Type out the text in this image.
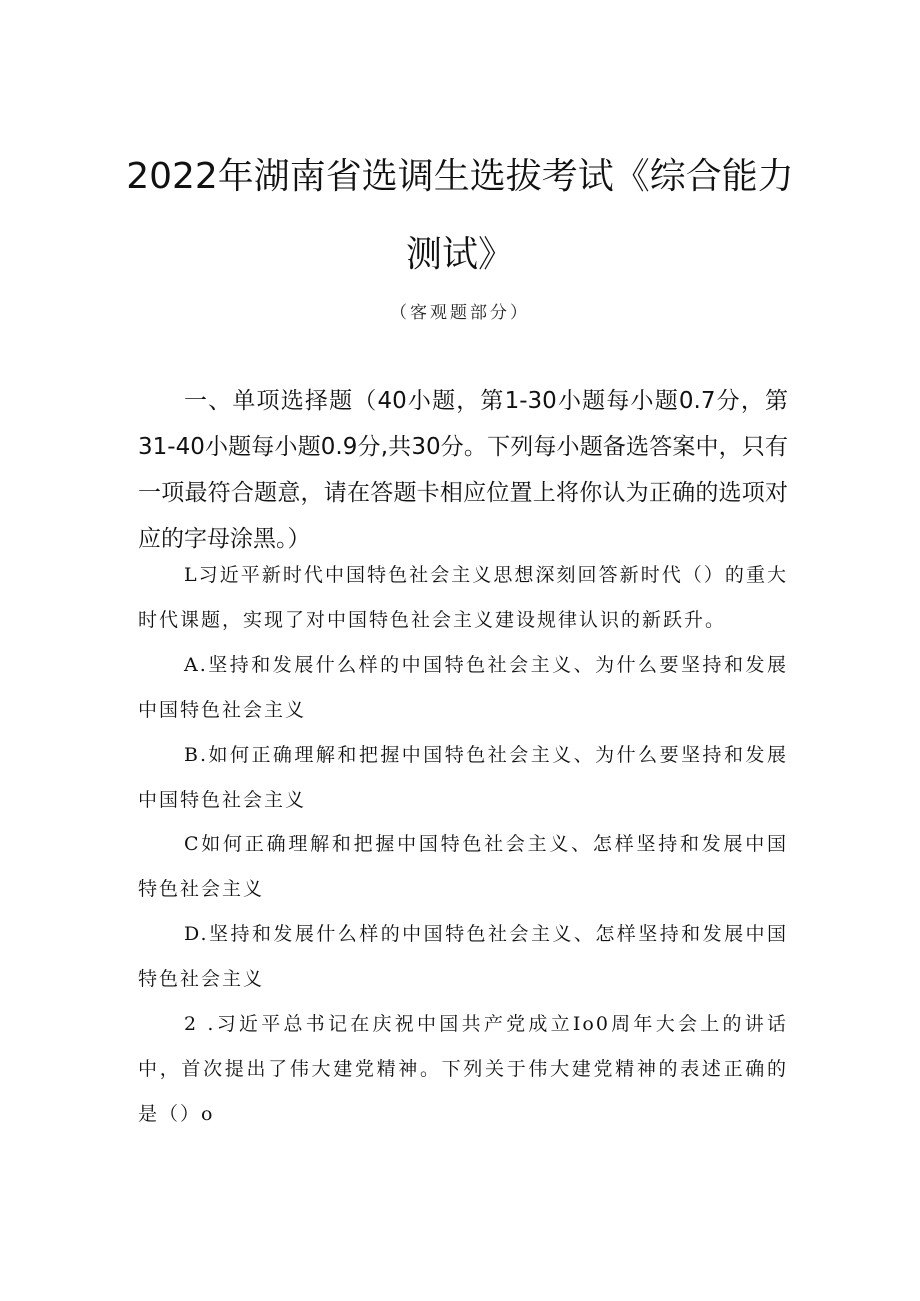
2022年湖南省选调生选拔考试《综合能力
测试》
（客观题部分）
一、单项选择题（40小题，第1-30小题每小题0.7分，第31-40小题每小题0.9分,共30分。下列每小题备选答案中，只有一项最符合题意，请在答题卡相应位置上将你认为正确的选项对应的字母涂黑。）
L习近平新时代中国特色社会主义思想深刻回答新时代（）的重大时代课题，实现了对中国特色社会主义建设规律认识的新跃升。
A.坚持和发展什么样的中国特色社会主义、为什么要坚持和发展中国特色社会主义
B.如何正确理解和把握中国特色社会主义、为什么要坚持和发展中国特色社会主义
C如何正确理解和把握中国特色社会主义、怎样坚持和发展中国特色社会主义
D.坚持和发展什么样的中国特色社会主义、怎样坚持和发展中国特色社会主义
2 .习近平总书记在庆祝中国共产党成立Io0周年大会上的讲话中，首次提出了伟大建党精神。下列关于伟大建党精神的表述正确的是（）o
